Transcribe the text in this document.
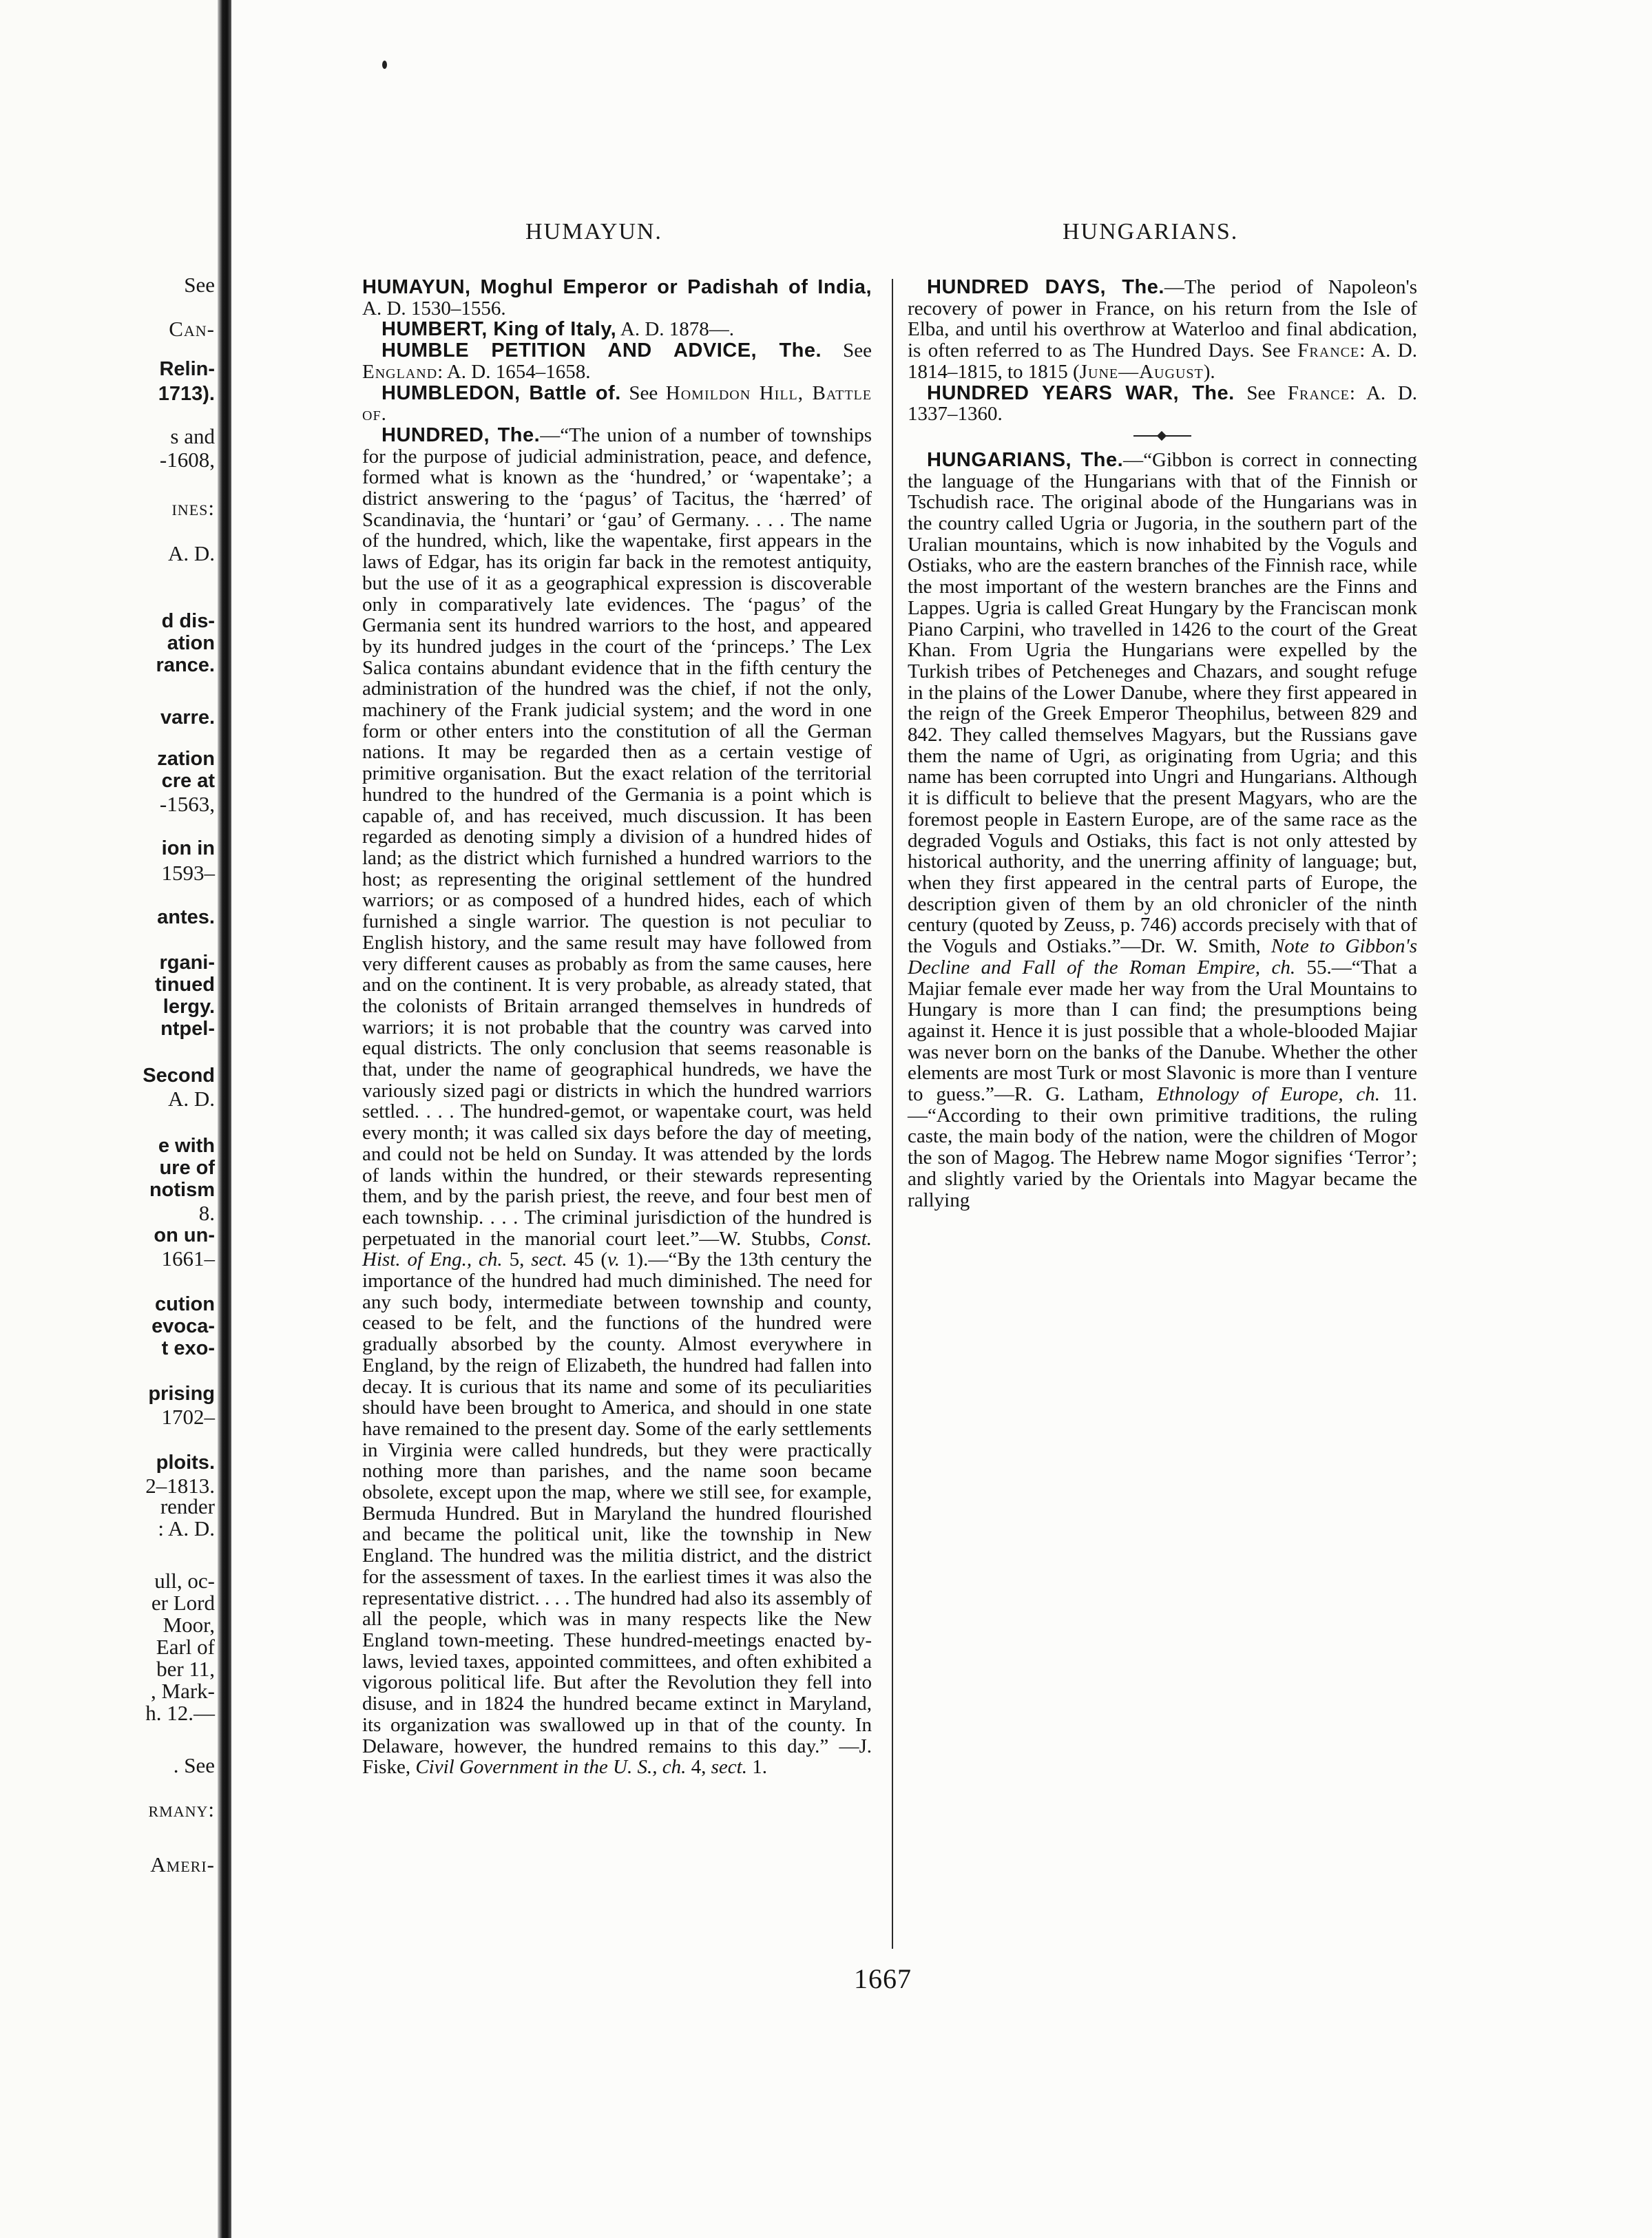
See
Can-
Relin-
1713).
s and
-1608,
ines:
A. D.
d dis-
ation
rance.
varre.
zation
cre at
-1563,
ion in
1593–
antes.
rgani-
tinued
lergy.
ntpel-
Second
A. D.
e with
ure of
notism
8.
on un-
1661–
cution
evoca-
t exo-
prising
1702–
ploits.
2–1813.
render
: A. D.
ull, oc-
er Lord
Moor,
Earl of
ber 11,
, Mark-
h. 12.—
. See
rmany:
Ameri-
HUMAYUN.	HUNGARIANS.

HUMAYUN, Moghul Emperor or Padishah of India, A. D. 1530–1556.

HUMBERT, King of Italy, A. D. 1878—.

HUMBLE PETITION AND ADVICE, The. See England: A. D. 1654–1658.

HUMBLEDON, Battle of. See Homildon Hill, Battle of.

HUNDRED, The.—“The union of a number of townships for the purpose of judicial administration, peace, and defence, formed what is known as the ‘hundred,’ or ‘wapentake’; a district answering to the ‘pagus’ of Tacitus, the ‘hærred’ of Scandinavia, the ‘huntari’ or ‘gau’ of Germany. . . . The name of the hundred, which, like the wapentake, first appears in the laws of Edgar, has its origin far back in the remotest antiquity, but the use of it as a geographical expression is discoverable only in comparatively late evidences. The ‘pagus’ of the Germania sent its hundred warriors to the host, and appeared by its hundred judges in the court of the ‘princeps.’ The Lex Salica contains abundant evidence that in the fifth century the administration of the hundred was the chief, if not the only, machinery of the Frank judicial system; and the word in one form or other enters into the constitution of all the German nations. It may be regarded then as a certain vestige of primitive organisation. But the exact relation of the territorial hundred to the hundred of the Germania is a point which is capable of, and has received, much discussion. It has been regarded as denoting simply a division of a hundred hides of land; as the district which furnished a hundred warriors to the host; as representing the original settlement of the hundred warriors; or as composed of a hundred hides, each of which furnished a single warrior. The question is not peculiar to English history, and the same result may have followed from very different causes as probably as from the same causes, here and on the continent. It is very probable, as already stated, that the colonists of Britain arranged themselves in hundreds of warriors; it is not probable that the country was carved into equal districts. The only conclusion that seems reasonable is that, under the name of geographical hundreds, we have the variously sized pagi or districts in which the hundred warriors settled. . . . The hundred-gemot, or wapentake court, was held every month; it was called six days before the day of meeting, and could not be held on Sunday. It was attended by the lords of lands within the hundred, or their stewards representing them, and by the parish priest, the reeve, and four best men of each township. . . . The criminal jurisdiction of the hundred is perpetuated in the manorial court leet.”—W. Stubbs, Const. Hist. of Eng., ch. 5, sect. 45 (v. 1).—“By the 13th century the importance of the hundred had much diminished. The need for any such body, intermediate between township and county, ceased to be felt, and the functions of the hundred were gradually absorbed by the county. Almost everywhere in England, by the reign of Elizabeth, the hundred had fallen into decay. It is curious that its name and some of its peculiarities should have been brought to America, and should in one state have remained to the present day. Some of the early settlements in Virginia were called hundreds, but they were practically nothing more than parishes, and the name soon became obsolete, except upon the map, where we still see, for example, Bermuda Hundred. But in Maryland the hundred flourished and became the political unit, like the township in New England. The hundred was the militia district, and the district for the assessment of taxes. In the earliest times it was also the representative district. . . . The hundred had also its assembly of all the people, which was in many respects like the New England town-meeting. These hundred-meetings enacted by-laws, levied taxes, appointed committees, and often exhibited a vigorous political life. But after the Revolution they fell into disuse, and in 1824 the hundred became extinct in Maryland, its organization was swallowed up in that of the county. In Delaware, however, the hundred remains to this day.” —J. Fiske, Civil Government in the U. S., ch. 4, sect. 1.

HUNDRED DAYS, The.—The period of Napoleon's recovery of power in France, on his return from the Isle of Elba, and until his overthrow at Waterloo and final abdication, is often referred to as The Hundred Days. See France: A. D. 1814–1815, to 1815 (June—August).

HUNDRED YEARS WAR, The. See France: A. D. 1337–1360.

HUNGARIANS, The.—“Gibbon is correct in connecting the language of the Hungarians with that of the Finnish or Tschudish race. The original abode of the Hungarians was in the country called Ugria or Jugoria, in the southern part of the Uralian mountains, which is now inhabited by the Voguls and Ostiaks, who are the eastern branches of the Finnish race, while the most important of the western branches are the Finns and Lappes. Ugria is called Great Hungary by the Franciscan monk Piano Carpini, who travelled in 1426 to the court of the Great Khan. From Ugria the Hungarians were expelled by the Turkish tribes of Petcheneges and Chazars, and sought refuge in the plains of the Lower Danube, where they first appeared in the reign of the Greek Emperor Theophilus, between 829 and 842. They called themselves Magyars, but the Russians gave them the name of Ugri, as originating from Ugria; and this name has been corrupted into Ungri and Hungarians. Although it is difficult to believe that the present Magyars, who are the foremost people in Eastern Europe, are of the same race as the degraded Voguls and Ostiaks, this fact is not only attested by historical authority, and the unerring affinity of language; but, when they first appeared in the central parts of Europe, the description given of them by an old chronicler of the ninth century (quoted by Zeuss, p. 746) accords precisely with that of the Voguls and Ostiaks.”—Dr. W. Smith, Note to Gibbon's Decline and Fall of the Roman Empire, ch. 55.—“That a Majiar female ever made her way from the Ural Mountains to Hungary is more than I can find; the presumptions being against it. Hence it is just possible that a whole-blooded Majiar was never born on the banks of the Danube. Whether the other elements are most Turk or most Slavonic is more than I venture to guess.”—R. G. Latham, Ethnology of Europe, ch. 11.—“According to their own primitive traditions, the ruling caste, the main body of the nation, were the children of Mogor the son of Magog. The Hebrew name Mogor signifies ‘Terror’; and slightly varied by the Orientals into Magyar became the rallying

1667
